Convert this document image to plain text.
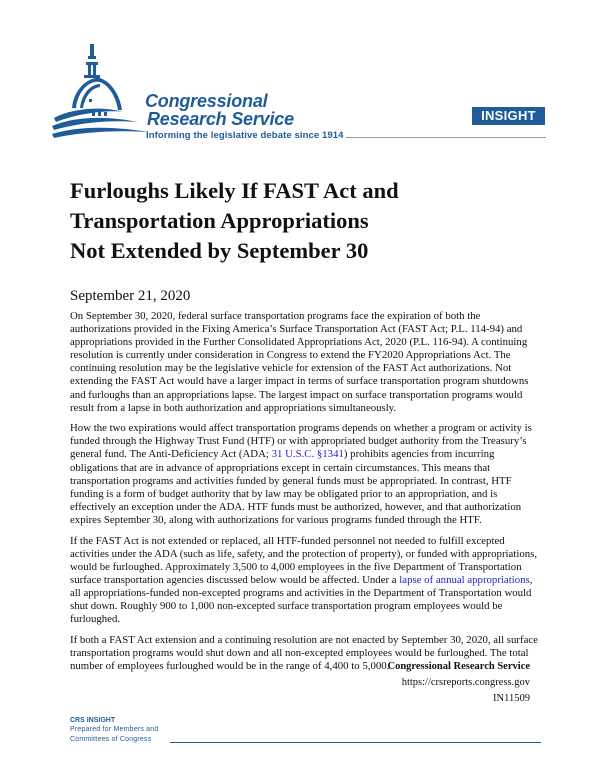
Congressional
Research Service
Informing the legislative debate since 1914
INSIGHT
Furloughs Likely If FAST Act and
Transportation Appropriations
Not Extended by September 30
September 21, 2020

On September 30, 2020, federal surface transportation programs face the expiration of both the authorizations provided in the Fixing America’s Surface Transportation Act (FAST Act; P.L. 114-94) and appropriations provided in the Further Consolidated Appropriations Act, 2020 (P.L. 116-94). A continuing resolution is currently under consideration in Congress to extend the FY2020 Appropriations Act. The continuing resolution may be the legislative vehicle for extension of the FAST Act authorizations. Not extending the FAST Act would have a larger impact in terms of surface transportation program shutdowns and furloughs than an appropriations lapse. The largest impact on surface transportation programs would result from a lapse in both authorization and appropriations simultaneously.

How the two expirations would affect transportation programs depends on whether a program or activity is funded through the Highway Trust Fund (HTF) or with appropriated budget authority from the Treasury’s general fund. The Anti-Deficiency Act (ADA; 31 U.S.C. §1341) prohibits agencies from incurring obligations that are in advance of appropriations except in certain circumstances. This means that transportation programs and activities funded by general funds must be appropriated. In contrast, HTF funding is a form of budget authority that by law may be obligated prior to an appropriation, and is effectively an exception under the ADA. HTF funds must be authorized, however, and that authorization expires September 30, along with authorizations for various programs funded through the HTF.

If the FAST Act is not extended or replaced, all HTF-funded personnel not needed to fulfill excepted activities under the ADA (such as life, safety, and the protection of property), or funded with appropriations, would be furloughed. Approximately 3,500 to 4,000 employees in the five Department of Transportation surface transportation agencies discussed below would be affected. Under a lapse of annual appropriations, all appropriations-funded non-excepted programs and activities in the Department of Transportation would shut down. Roughly 900 to 1,000 non-excepted surface transportation program employees would be furloughed.

If both a FAST Act extension and a continuing resolution are not enacted by September 30, 2020, all surface transportation programs would shut down and all non-excepted employees would be furloughed. The total number of employees furloughed would be in the range of 4,400 to 5,000.

Congressional Research Service
https://crsreports.congress.gov
IN11509
CRS INSIGHT
Prepared for Members and
Committees of Congress
